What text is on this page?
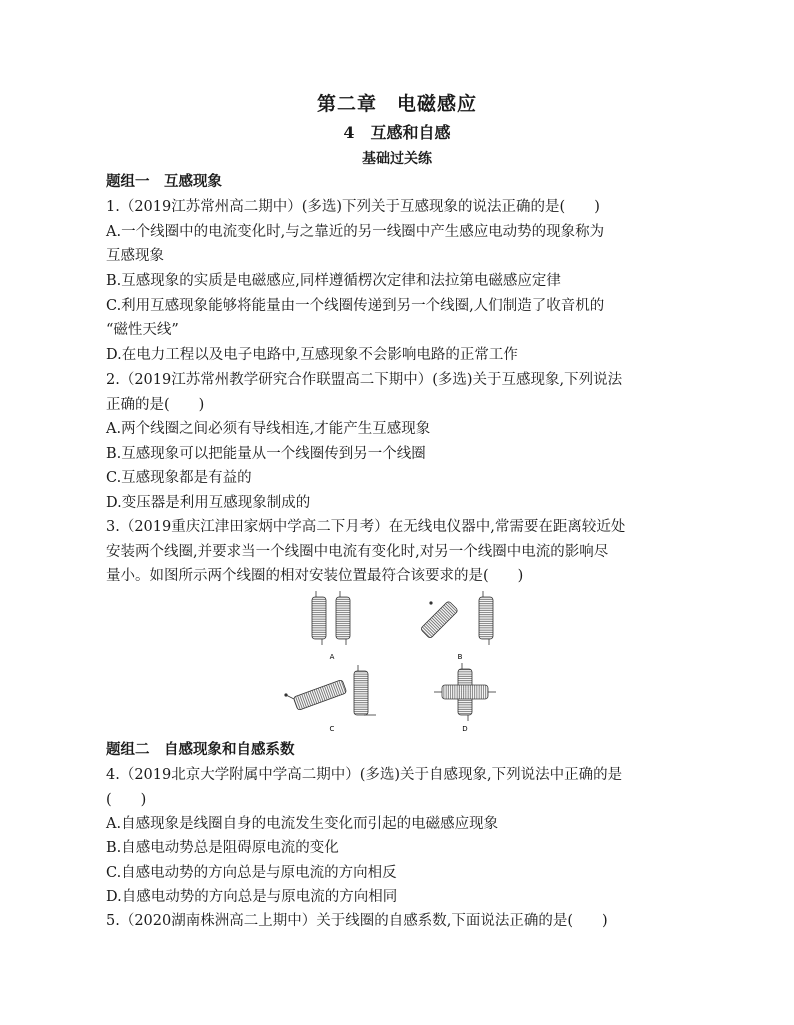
第二章　电磁感应
4　互感和自感
基础过关练
题组一　互感现象
1.（2019江苏常州高二期中）(多选)下列关于互感现象的说法正确的是(　　)
A.一个线圈中的电流变化时,与之靠近的另一线圈中产生感应电动势的现象称为
互感现象
B.互感现象的实质是电磁感应,同样遵循楞次定律和法拉第电磁感应定律
C.利用互感现象能够将能量由一个线圈传递到另一个线圈,人们制造了收音机的
“磁性天线”
D.在电力工程以及电子电路中,互感现象不会影响电路的正常工作
2.（2019江苏常州教学研究合作联盟高二下期中）(多选)关于互感现象,下列说法
正确的是(　　)
A.两个线圈之间必须有导线相连,才能产生互感现象
B.互感现象可以把能量从一个线圈传到另一个线圈
C.互感现象都是有益的
D.变压器是利用互感现象制成的
3.（2019重庆江津田家炳中学高二下月考）在无线电仪器中,常需要在距离较近处
安装两个线圈,并要求当一个线圈中电流有变化时,对另一个线圈中电流的影响尽
量小。如图所示两个线圈的相对安装位置最符合该要求的是(　　)
A	B
C	D
题组二　自感现象和自感系数
4.（2019北京大学附属中学高二期中）(多选)关于自感现象,下列说法中正确的是
(　　)
A.自感现象是线圈自身的电流发生变化而引起的电磁感应现象
B.自感电动势总是阻碍原电流的变化
C.自感电动势的方向总是与原电流的方向相反
D.自感电动势的方向总是与原电流的方向相同
5.（2020湖南株洲高二上期中）关于线圈的自感系数,下面说法正确的是(　　)
